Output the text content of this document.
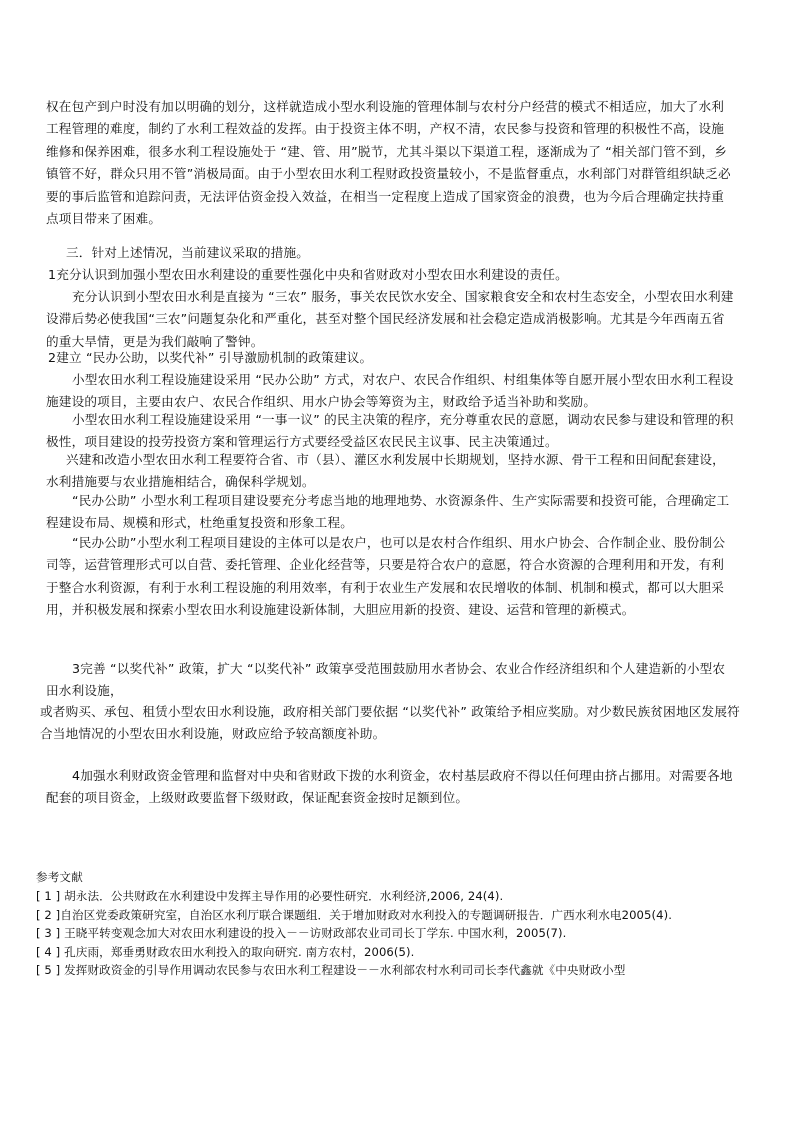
权在包产到户时没有加以明确的划分，这样就造成小型水利设施的管理体制与农村分户经营的模式不相适应，加大了水利工程管理的难度，制约了水利工程效益的发挥。由于投资主体不明，产权不清，农民参与投资和管理的积极性不高，设施维修和保养困难，很多水利工程设施处于 “建、管、用”脱节，尤其斗渠以下渠道工程，逐渐成为了 “相关部门管不到，乡镇管不好，群众只用不管”消极局面。由于小型农田水利工程财政投资量较小，不是监督重点，水利部门对群管组织缺乏必要的事后监管和追踪问责，无法评估资金投入效益，在相当一定程度上造成了国家资金的浪费，也为今后合理确定扶持重点项目带来了困难。
三．针对上述情况，当前建议采取的措施。
1充分认识到加强小型农田水利建设的重要性强化中央和省财政对小型农田水利建设的责任。
充分认识到小型农田水利是直接为 “三农” 服务，事关农民饮水安全、国家粮食安全和农村生态安全，小型农田水利建设滞后势必使我国“三农”问题复杂化和严重化，甚至对整个国民经济发展和社会稳定造成消极影响。尤其是今年西南五省的重大旱情，更是为我们敲响了警钟。
2建立 “民办公助，以奖代补” 引导激励机制的政策建议。
小型农田水利工程设施建设采用 “民办公助” 方式，对农户、农民合作组织、村组集体等自愿开展小型农田水利工程设施建设的项目，主要由农户、农民合作组织、用水户协会等筹资为主，财政给予适当补助和奖励。
小型农田水利工程设施建设采用 “一事一议” 的民主决策的程序，充分尊重农民的意愿，调动农民参与建设和管理的积极性，项目建设的投劳投资方案和管理运行方式要经受益区农民民主议事、民主决策通过。
兴建和改造小型农田水利工程要符合省、市（县）、灌区水利发展中长期规划，坚持水源、骨干工程和田间配套建设，水利措施要与农业措施相结合，确保科学规划。
“民办公助” 小型水利工程项目建设要充分考虑当地的地理地势、水资源条件、生产实际需要和投资可能，合理确定工程建设布局、规模和形式，杜绝重复投资和形象工程。
“民办公助”小型水利工程项目建设的主体可以是农户，也可以是农村合作组织、用水户协会、合作制企业、股份制公司等，运营管理形式可以自营、委托管理、企业化经营等，只要是符合农户的意愿，符合水资源的合理利用和开发，有利于整合水利资源，有利于水利工程设施的利用效率，有利于农业生产发展和农民增收的体制、机制和模式，都可以大胆采用，并积极发展和探索小型农田水利设施建设新体制，大胆应用新的投资、建设、运营和管理的新模式。
3完善 “以奖代补” 政策，扩大 “以奖代补” 政策享受范围鼓励用水者协会、农业合作经济组织和个人建造新的小型农田水利设施，
或者购买、承包、租赁小型农田水利设施，政府相关部门要依据 “以奖代补” 政策给予相应奖励。对少数民族贫困地区发展符合当地情况的小型农田水利设施，财政应给予较高额度补助。
4加强水利财政资金管理和监督对中央和省财政下拨的水利资金，农村基层政府不得以任何理由挤占挪用。对需要各地配套的项目资金，上级财政要监督下级财政，保证配套资金按时足额到位。
参考文献
[ 1 ] 胡永法．公共财政在水利建设中发挥主导作用的必要性研究．水利经济,2006, 24(4).
[ 2 ]自治区党委政策研究室，自治区水利厅联合课题组．关于增加财政对水利投入的专题调研报告．广西水利水电2005(4).
[ 3 ] 王晓平转变观念加大对农田水利建设的投入－－访财政部农业司司长丁学东. 中国水利，2005(7).
[ 4 ] 孔庆雨，郑垂勇财政农田水利投入的取向研究. 南方农村，2006(5).
[ 5 ] 发挥财政资金的引导作用调动农民参与农田水利工程建设－－水利部农村水利司司长李代鑫就《中央财政小型
